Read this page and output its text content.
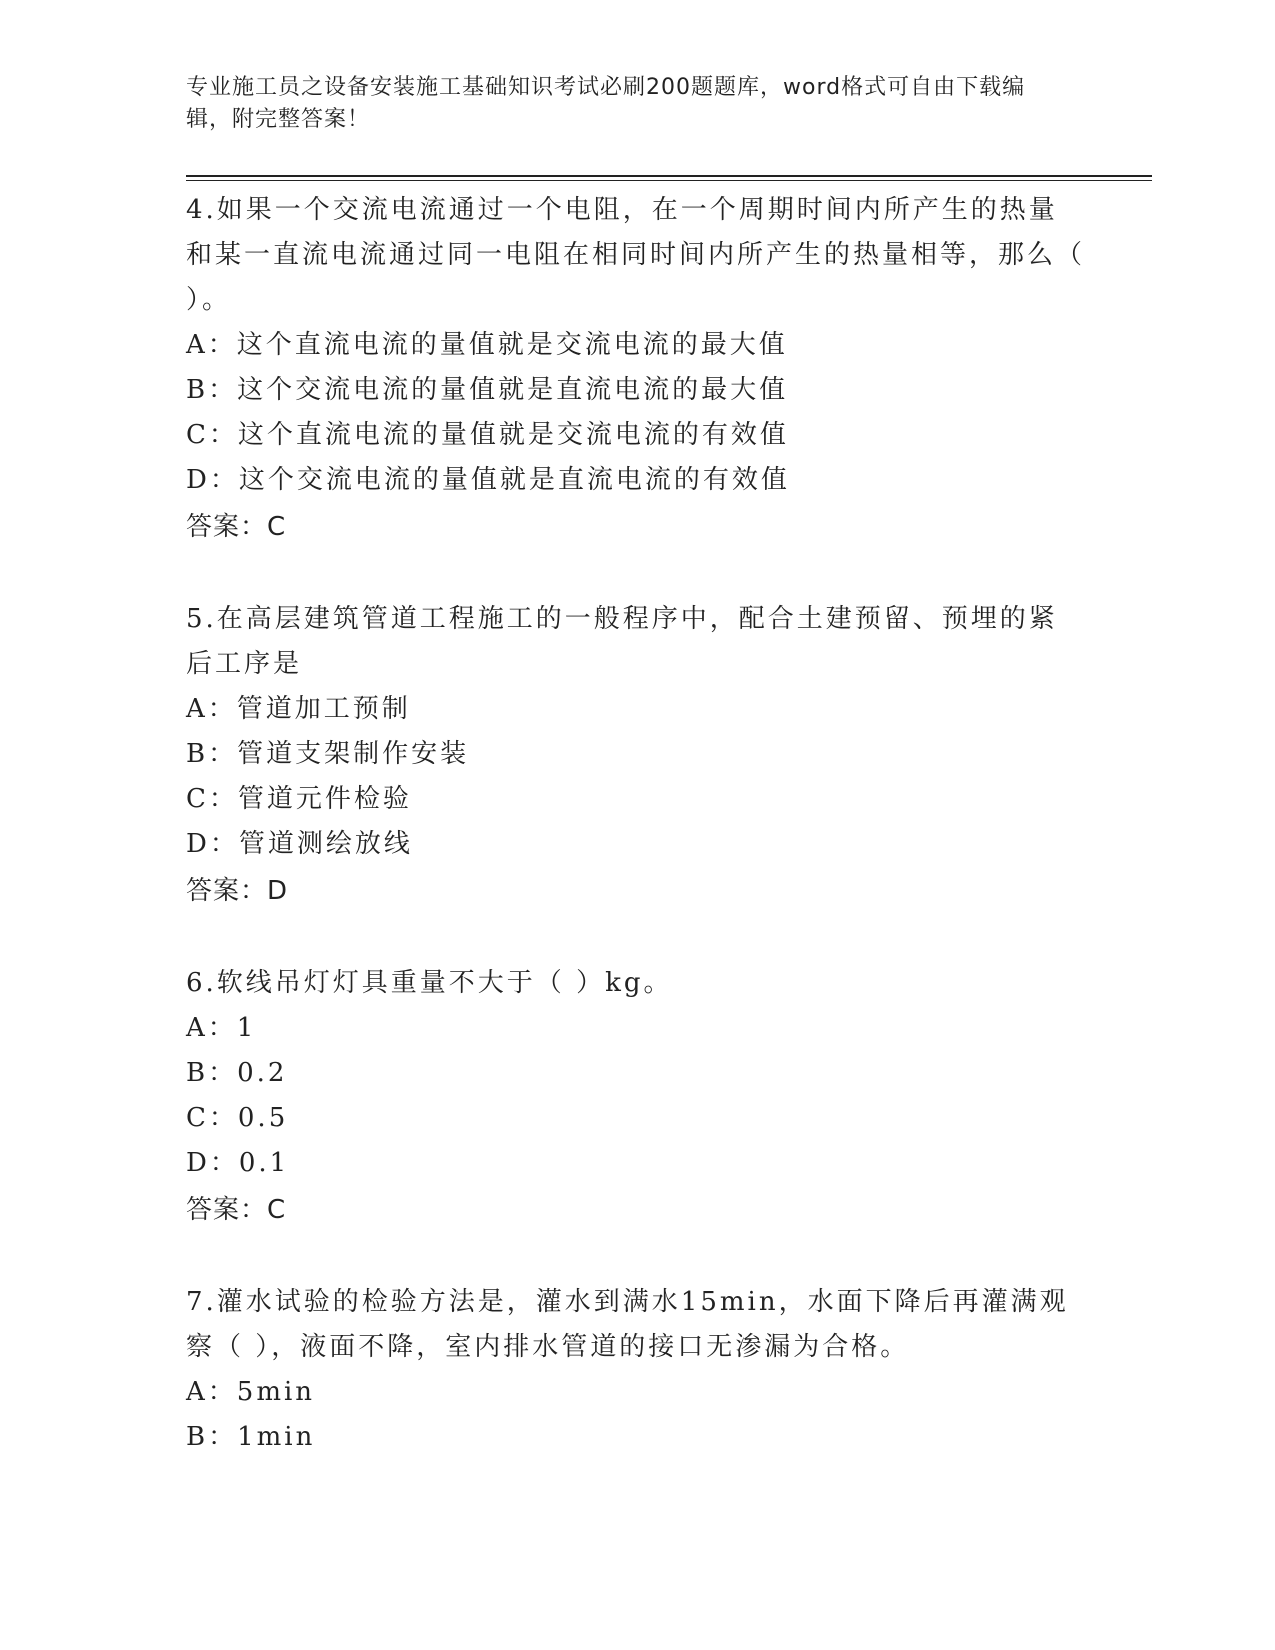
专业施工员之设备安装施工基础知识考试必刷200题题库，word格式可自由下载编辑，附完整答案！

4.如果一个交流电流通过一个电阻，在一个周期时间内所产生的热量和某一直流电流通过同一电阻在相同时间内所产生的热量相等，那么（ ）。

A：这个直流电流的量值就是交流电流的最大值

B：这个交流电流的量值就是直流电流的最大值

C：这个直流电流的量值就是交流电流的有效值

D：这个交流电流的量值就是直流电流的有效值

答案：C

5.在高层建筑管道工程施工的一般程序中，配合土建预留、预埋的紧后工序是

A：管道加工预制

B：管道支架制作安装

C：管道元件检验

D：管道测绘放线

答案：D

6.软线吊灯灯具重量不大于（ ）kg。

A：1

B：0.2

C：0.5

D：0.1

答案：C

7.灌水试验的检验方法是，灌水到满水15min，水面下降后再灌满观察（ ），液面不降，室内排水管道的接口无渗漏为合格。

A：5min

B：1min
